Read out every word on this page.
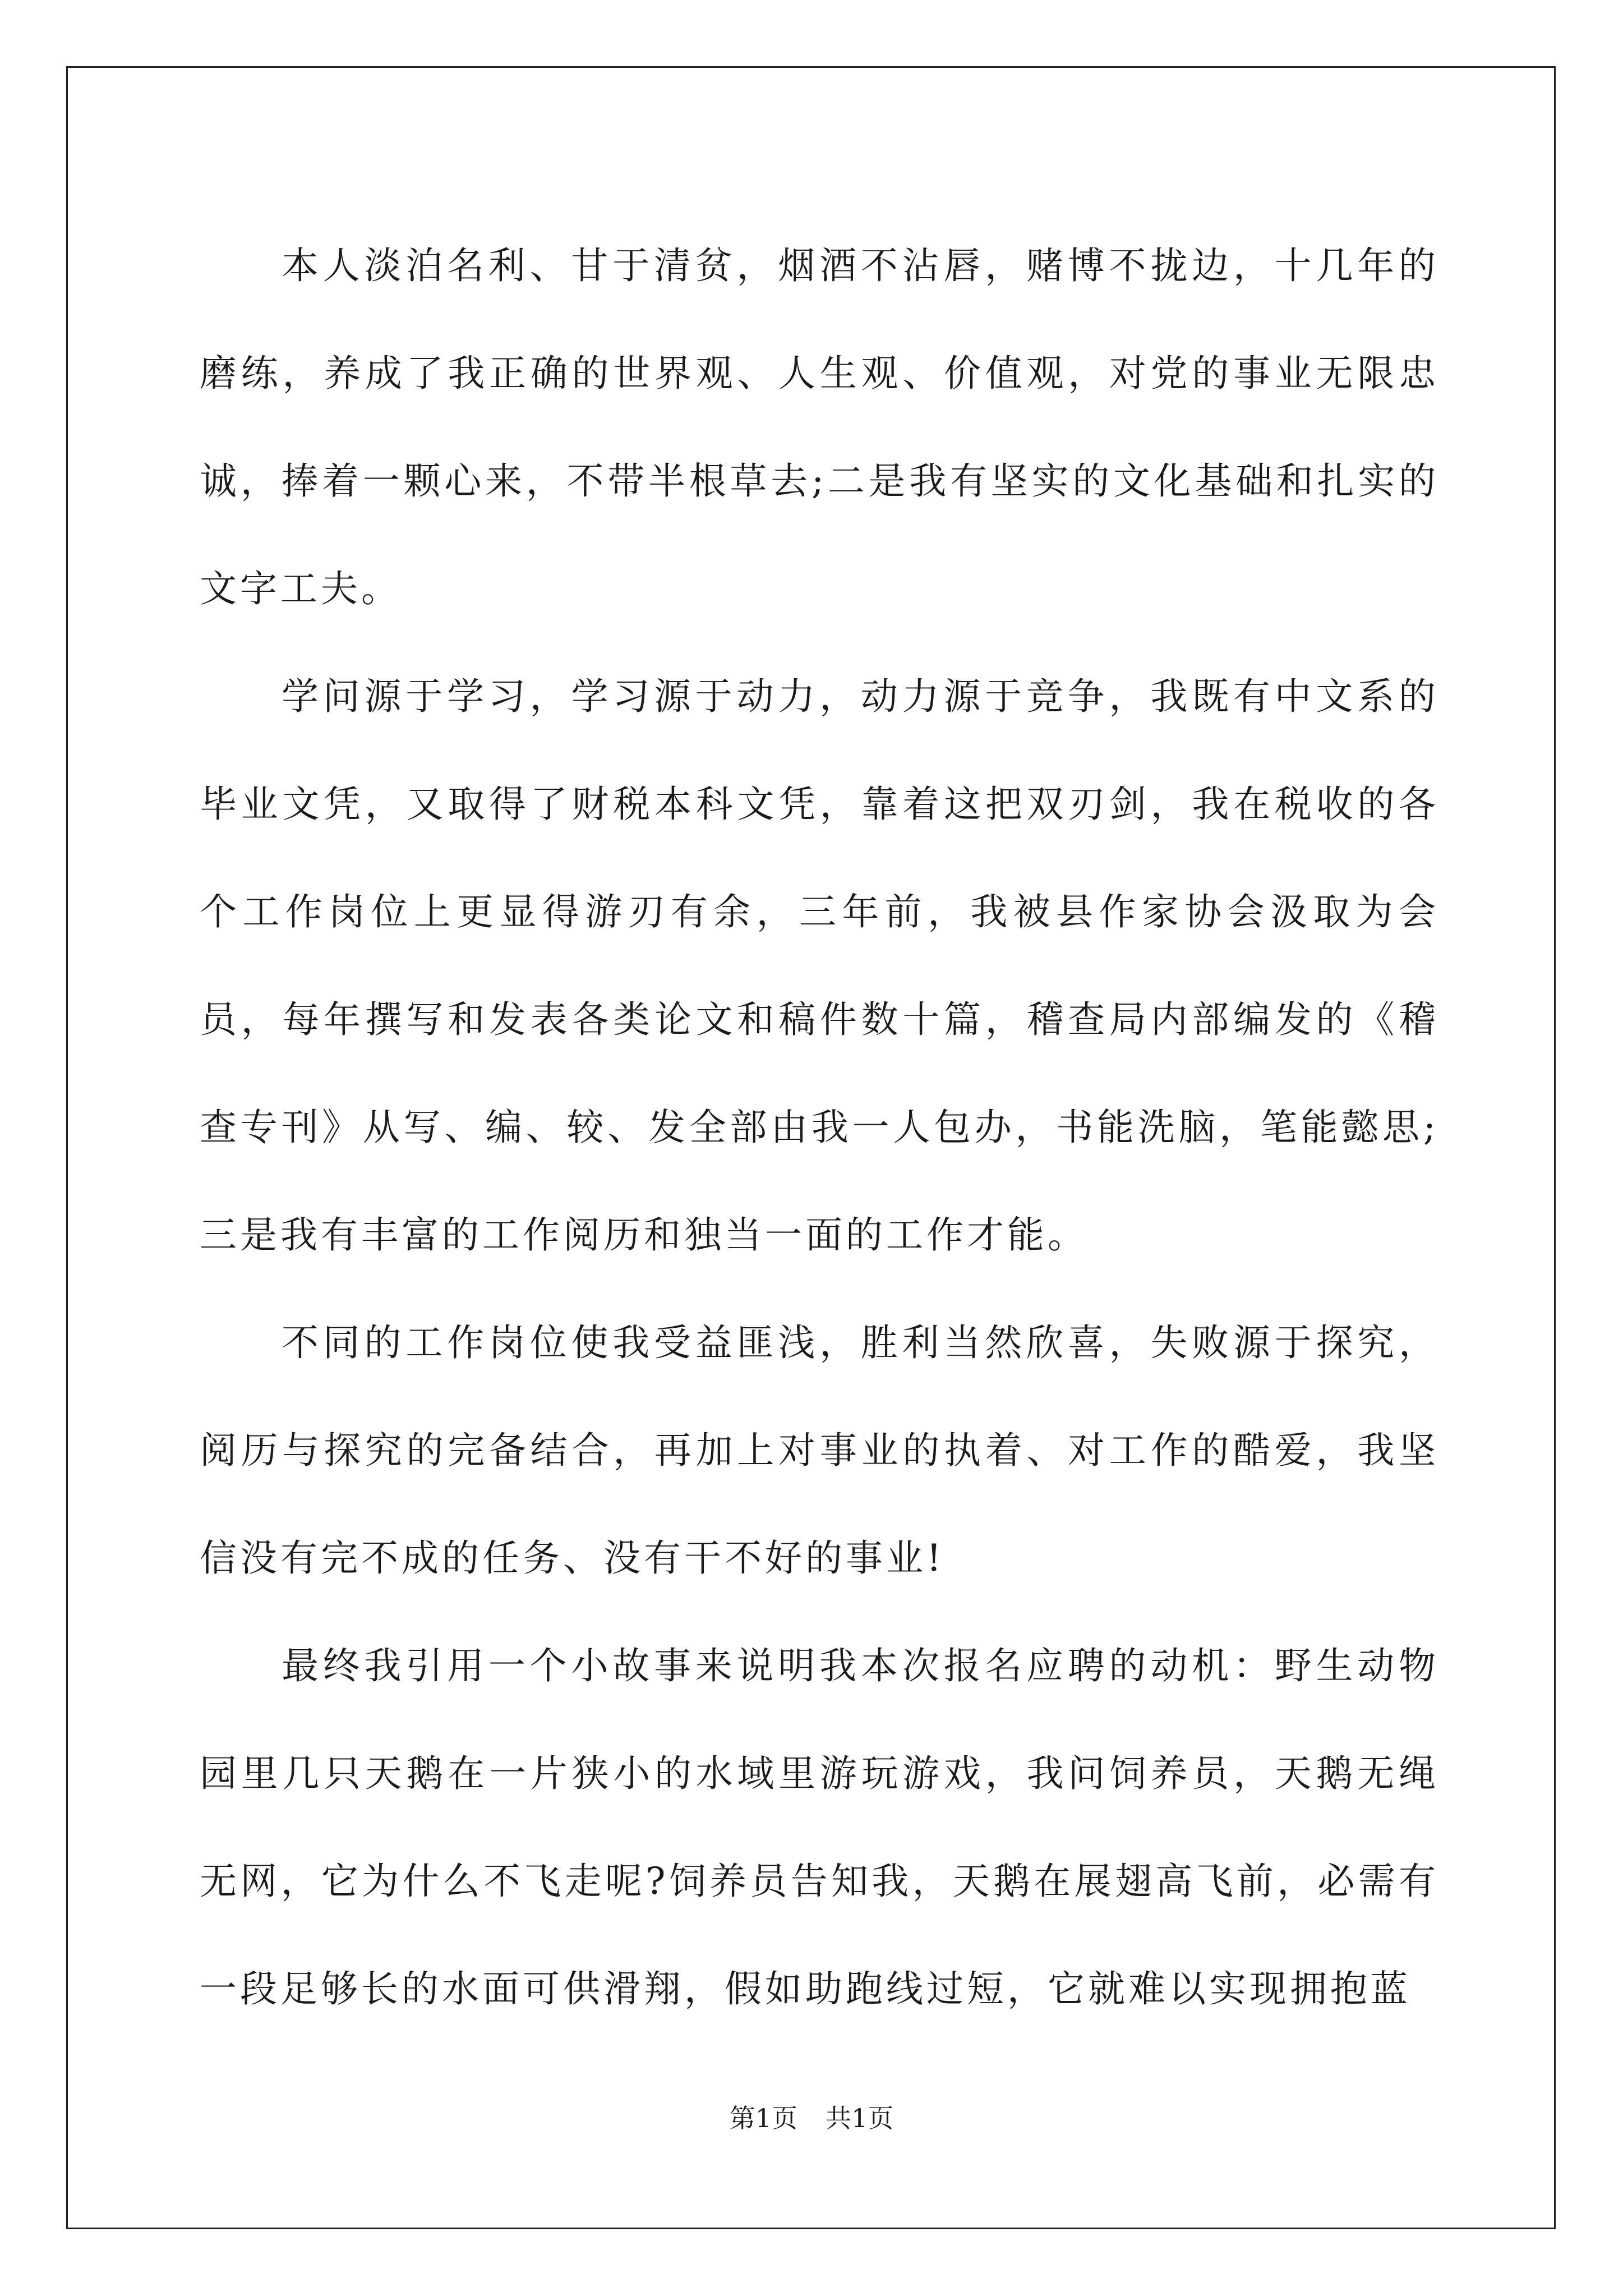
本人淡泊名利、甘于清贫，烟酒不沾唇，赌博不拢边，十几年的磨练，养成了我正确的世界观、人生观、价值观，对党的事业无限忠诚，捧着一颗心来，不带半根草去;二是我有坚实的文化基础和扎实的文字工夫。

学问源于学习，学习源于动力，动力源于竞争，我既有中文系的毕业文凭，又取得了财税本科文凭，靠着这把双刃剑，我在税收的各个工作岗位上更显得游刃有余，三年前，我被县作家协会汲取为会员，每年撰写和发表各类论文和稿件数十篇，稽查局内部编发的《稽查专刊》从写、编、较、发全部由我一人包办，书能洗脑，笔能懿思;三是我有丰富的工作阅历和独当一面的工作才能。

不同的工作岗位使我受益匪浅，胜利当然欣喜，失败源于探究，阅历与探究的完备结合，再加上对事业的执着、对工作的酷爱，我坚信没有完不成的任务、没有干不好的事业!

最终我引用一个小故事来说明我本次报名应聘的动机：野生动物园里几只天鹅在一片狭小的水域里游玩游戏，我问饲养员，天鹅无绳无网，它为什么不飞走呢?饲养员告知我，天鹅在展翅高飞前，必需有一段足够长的水面可供滑翔，假如助跑线过短，它就难以实现拥抱蓝

第1页 共1页
